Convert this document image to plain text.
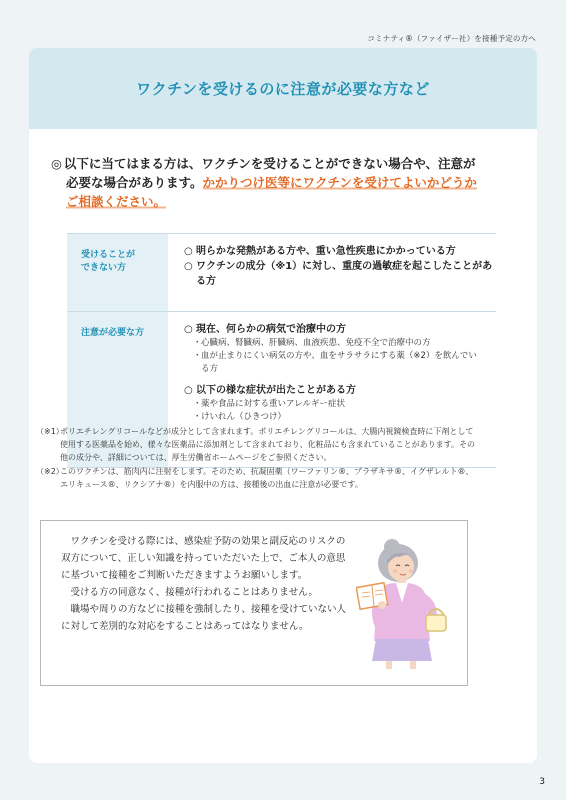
コミナティ®（ファイザー社）を接種予定の方へ
ワクチンを受けるのに注意が必要な方など
◎ 以下に当てはまる方は、ワクチンを受けることができない場合や、注意が
必要な場合があります。かかりつけ医等にワクチンを受けてよいかどうか
ご相談ください。
受けることが
できない方
○ 明らかな発熱がある方や、重い急性疾患にかかっている方
○ ワクチンの成分（※1）に対し、重度の過敏症を起こしたことがある方
注意が必要な方	○ 現在、何らかの病気で治療中の方
・ 心臓病、腎臓病、肝臓病、血液疾患、免疫不全で治療中の方
・ 血が止まりにくい病気の方や、血をサラサラにする薬（※2）を飲んでいる方
○ 以下の様な症状が出たことがある方
・ 薬や食品に対する重いアレルギー症状
・ けいれん（ひきつけ）
（※1）
ポリエチレングリコールなどが成分として含まれます。ポリエチレングリコールは、大腸内視鏡検査時に下剤として使用する医薬品を始め、様々な医薬品に添加剤として含まれており、化粧品にも含まれていることがあります。その他の成分や、詳細については、厚生労働省ホームページをご参照ください。
（※2）
このワクチンは、筋肉内に注射をします。そのため、抗凝固薬（ワーファリン®、プラザキサ®、イグザレルト®、エリキュース®、リクシアナ®）を内服中の方は、接種後の出血に注意が必要です。

ワクチンを受ける際には、感染症予防の効果と副反応のリスクの双方について、正しい知識を持っていただいた上で、ご本人の意思に基づいて接種をご判断いただきますようお願いします。

受ける方の同意なく、接種が行われることはありません。

職場や周りの方などに接種を強制したり、接種を受けていない人に対して差別的な対応をすることはあってはなりません。

3
